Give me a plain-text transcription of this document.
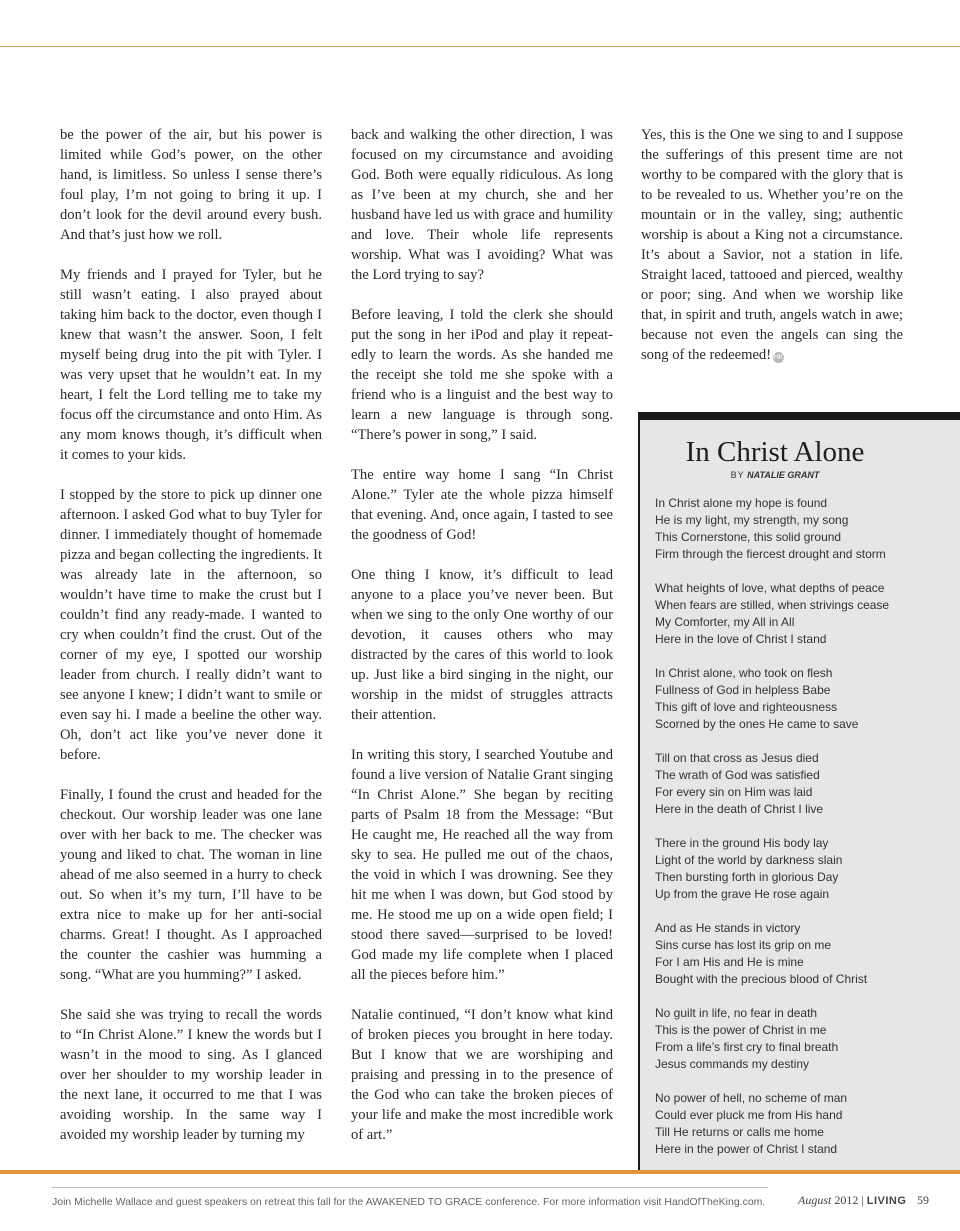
be the power of the air, but his power is limited while God’s power, on the other hand, is limitless. So unless I sense there’s foul play, I’m not going to bring it up. I don’t look for the devil around every bush. And that’s just how we roll.

My friends and I prayed for Tyler, but he still wasn’t eating. I also prayed about taking him back to the doctor, even though I knew that wasn’t the answer. Soon, I felt myself being drug into the pit with Tyler. I was very upset that he wouldn’t eat. In my heart, I felt the Lord telling me to take my focus off the circumstance and onto Him. As any mom knows though, it’s difficult when it comes to your kids.

I stopped by the store to pick up dinner one afternoon. I asked God what to buy Tyler for dinner. I immediately thought of homemade pizza and began collecting the ingredients. It was already late in the afternoon, so wouldn’t have time to make the crust but I couldn’t find any ready-made. I wanted to cry when couldn’t find the crust. Out of the corner of my eye, I spotted our worship leader from church. I really didn’t want to see anyone I knew; I didn’t want to smile or even say hi. I made a beeline the other way. Oh, don’t act like you’ve never done it before.

Finally, I found the crust and headed for the checkout. Our worship leader was one lane over with her back to me. The checker was young and liked to chat. The woman in line ahead of me also seemed in a hurry to check out. So when it’s my turn, I’ll have to be extra nice to make up for her anti-social charms. Great! I thought. As I approached the counter the cashier was humming a song. “What are you humming?” I asked.

She said she was trying to recall the words to “In Christ Alone.” I knew the words but I wasn’t in the mood to sing. As I glanced over her shoulder to my worship leader in the next lane, it occurred to me that I was avoiding worship. In the same way I avoided my worship leader by turning my

back and walking the other direction, I was focused on my circumstance and avoiding God. Both were equally ridiculous. As long as I’ve been at my church, she and her husband have led us with grace and humility and love. Their whole life represents worship. What was I avoiding? What was the Lord trying to say?

Before leaving, I told the clerk she should put the song in her iPod and play it repeatedly to learn the words. As she handed me the receipt she told me she spoke with a friend who is a linguist and the best way to learn a new language is through song. “There’s power in song,” I said.

The entire way home I sang “In Christ Alone.” Tyler ate the whole pizza himself that evening. And, once again, I tasted to see the goodness of God!

One thing I know, it’s difficult to lead anyone to a place you’ve never been. But when we sing to the only One worthy of our devotion, it causes others who may distracted by the cares of this world to look up. Just like a bird singing in the night, our worship in the midst of struggles attracts their attention.

In writing this story, I searched Youtube and found a live version of Natalie Grant singing “In Christ Alone.” She began by reciting parts of Psalm 18 from the Message: “But He caught me, He reached all the way from sky to sea. He pulled me out of the chaos, the void in which I was drowning. See they hit me when I was down, but God stood by me. He stood me up on a wide open field; I stood there saved—surprised to be loved! God made my life complete when I placed all the pieces before him.”

Natalie continued, “I don’t know what kind of broken pieces you brought in here today. But I know that we are worshiping and praising and pressing in to the presence of the God who can take the broken pieces of your life and make the most incredible work of art.”

Yes, this is the One we sing to and I suppose the sufferings of this present time are not worthy to be compared with the glory that is to be revealed to us. Whether you’re on the mountain or in the valley, sing; authentic worship is about a King not a circumstance. It’s about a Savior, not a station in life. Straight laced, tattooed and pierced, wealthy or poor; sing. And when we worship like that, in spirit and truth, angels watch in awe; because not even the angels can sing the song of the redeemed! HK

In Christ Alone
BY NATALIE GRANT
In Christ alone my hope is found
He is my light, my strength, my song
This Cornerstone, this solid ground
Firm through the fiercest drought and storm
What heights of love, what depths of peace
When fears are stilled, when strivings cease
My Comforter, my All in All
Here in the love of Christ I stand
In Christ alone, who took on flesh
Fullness of God in helpless Babe
This gift of love and righteousness
Scorned by the ones He came to save
Till on that cross as Jesus died
The wrath of God was satisfied
For every sin on Him was laid
Here in the death of Christ I live
There in the ground His body lay
Light of the world by darkness slain
Then bursting forth in glorious Day
Up from the grave He rose again
And as He stands in victory
Sins curse has lost its grip on me
For I am His and He is mine
Bought with the precious blood of Christ
No guilt in life, no fear in death
This is the power of Christ in me
From a life’s first cry to final breath
Jesus commands my destiny
No power of hell, no scheme of man
Could ever pluck me from His hand
Till He returns or calls me home
Here in the power of Christ I stand
Join Michelle Wallace and guest speakers on retreat this fall for the AWAKENED TO GRACE conference. For more information visit HandOfTheKing.com.	August 2012 | LIVING 59
